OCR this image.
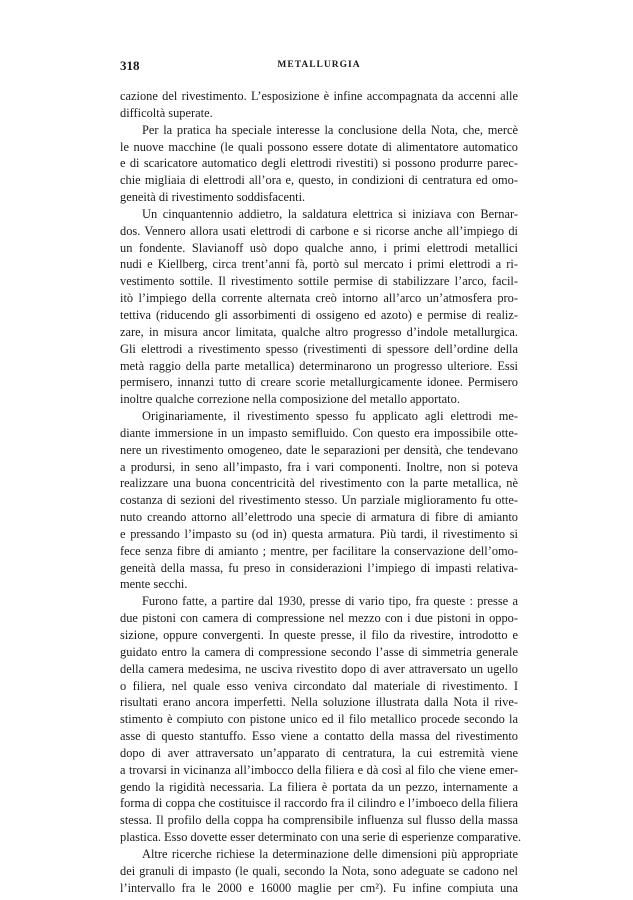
318	METALLURGIA
cazione del rivestimento. L’esposizione è infine accompagnata da accenni alle
difficoltà superate.
Per la pratica ha speciale interesse la conclusione della Nota, che, mercè
le nuove macchine (le quali possono essere dotate di alimentatore automatico
e di scaricatore automatico degli elettrodi rivestiti) si possono produrre parec-
chie migliaia di elettrodi all’ora e, questo, in condizioni di centratura ed omo-
geneità di rivestimento soddisfacenti.
Un cinquantennio addietro, la saldatura elettrica si iniziava con Bernar-
dos. Vennero allora usati elettrodi di carbone e si ricorse anche all’impiego di
un fondente. Slavianoff usò dopo qualche anno, i primi elettrodi metallici
nudi e Kiellberg, circa trent’anni fà, portò sul mercato i primi elettrodi a ri-
vestimento sottile. Il rivestimento sottile permise di stabilizzare l’arco, facil-
itò l’impiego della corrente alternata creò intorno all’arco un’atmosfera pro-
tettiva (riducendo gli assorbimenti di ossigeno ed azoto) e permise di realiz-
zare, in misura ancor limitata, qualche altro progresso d’indole metallurgica.
Gli elettrodi a rivestimento spesso (rivestimenti di spessore dell’ordine della
metà raggio della parte metallica) determinarono un progresso ulteriore. Essi
permisero, innanzi tutto di creare scorie metallurgicamente idonee. Permisero
inoltre qualche correzione nella composizione del metallo apportato.
Originariamente, il rivestimento spesso fu applicato agli elettrodi me-
diante immersione in un impasto semifluido. Con questo era impossibile otte-
nere un rivestimento omogeneo, date le separazioni per densità, che tendevano
a prodursi, in seno all’impasto, fra i vari componenti. Inoltre, non si poteva
realizzare una buona concentricità del rivestimento con la parte metallica, nè
costanza di sezioni del rivestimento stesso. Un parziale miglioramento fu otte-
nuto creando attorno all’elettrodo una specie di armatura di fibre di amianto
e pressando l’impasto su (od in) questa armatura. Più tardi, il rivestimento si
fece senza fibre di amianto ; mentre, per facilitare la conservazione dell’omo-
geneità della massa, fu preso in considerazioni l’impiego di impasti relativa-
mente secchi.
Furono fatte, a partire dal 1930, presse di vario tipo, fra queste : presse a
due pistoni con camera di compressione nel mezzo con i due pistoni in oppo-
sizione, oppure convergenti. In queste presse, il filo da rivestire, introdotto e
guidato entro la camera di compressione secondo l’asse di simmetria generale
della camera medesima, ne usciva rivestito dopo di aver attraversato un ugello
o filiera, nel quale esso veniva circondato dal materiale di rivestimento. I
risultati erano ancora imperfetti. Nella soluzione illustrata dalla Nota il rive-
stimento è compiuto con pistone unico ed il filo metallico procede secondo la
asse di questo stantuffo. Esso viene a contatto della massa del rivestimento
dopo di aver attraversato un’apparato di centratura, la cui estremità viene
a trovarsi in vicinanza all’imbocco della filiera e dà così al filo che viene emer-
gendo la rigidità necessaria. La filiera è portata da un pezzo, internamente a
forma di coppa che costituisce il raccordo fra il cilindro e l’imboeco della filiera
stessa. Il profilo della coppa ha comprensibile influenza sul flusso della massa
plastica. Esso dovette esser determinato con una serie di esperienze comparative.
Altre ricerche richiese la determinazione delle dimensioni più appropriate
dei granuli di impasto (le quali, secondo la Nota, sono adeguate se cadono nel
l’intervallo fra le 2000 e 16000 maglie per cm²). Fu infine compiuta una
